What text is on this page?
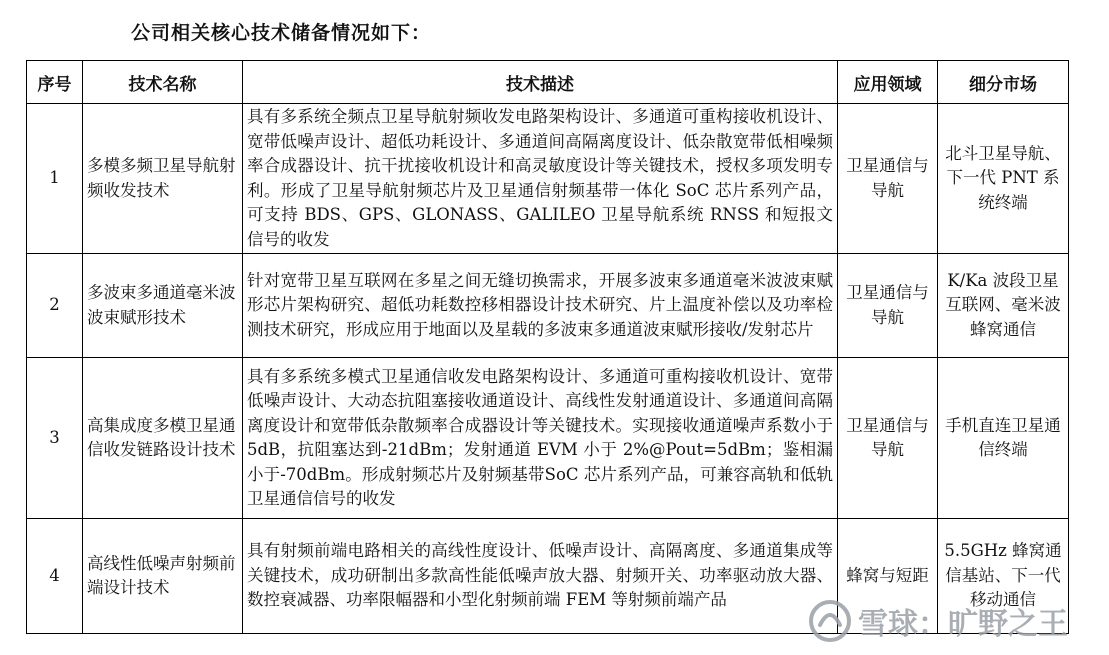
公司相关核心技术储备情况如下：
序号	技术名称	技术描述	应用领域	细分市场
1	多模多频卫星导航射频收发技术	具有多系统全频点卫星导航射频收发电路架构设计、多通道可重构接收机设计、宽带低噪声设计、超低功耗设计、多通道间高隔离度设计、低杂散宽带低相噪频率合成器设计、抗干扰接收机设计和高灵敏度设计等关键技术，授权多项发明专利。形成了卫星导航射频芯片及卫星通信射频基带一体化 SoC 芯片系列产品，可支持 BDS、GPS、GLONASS、GALILEO 卫星导航系统 RNSS 和短报文信号的收发	卫星通信与导航	北斗卫星导航、下一代 PNT 系统终端
2	多波束多通道毫米波波束赋形技术	针对宽带卫星互联网在多星之间无缝切换需求，开展多波束多通道毫米波波束赋形芯片架构研究、超低功耗数控移相器设计技术研究、片上温度补偿以及功率检测技术研究，形成应用于地面以及星载的多波束多通道波束赋形接收/发射芯片	卫星通信与导航	K/Ka 波段卫星互联网、毫米波蜂窝通信
3	高集成度多模卫星通信收发链路设计技术	具有多系统多模式卫星通信收发电路架构设计、多通道可重构接收机设计、宽带低噪声设计、大动态抗阻塞接收通道设计、高线性发射通道设计、多通道间高隔离度设计和宽带低杂散频率合成器设计等关键技术。实现接收通道噪声系数小于 5dB，抗阻塞达到-21dBm；发射通道 EVM 小于 2%@Pout=5dBm；鉴相漏小于-70dBm。形成射频芯片及射频基带SoC 芯片系列产品，可兼容高轨和低轨卫星通信信号的收发	卫星通信与导航	手机直连卫星通信终端
4	高线性低噪声射频前端设计技术	具有射频前端电路相关的高线性度设计、低噪声设计、高隔离度、多通道集成等关键技术，成功研制出多款高性能低噪声放大器、射频开关、功率驱动放大器、数控衰减器、功率限幅器和小型化射频前端 FEM 等射频前端产品	蜂窝与短距	5.5GHz 蜂窝通信基站、下一代移动通信
雪球：旷野之王
